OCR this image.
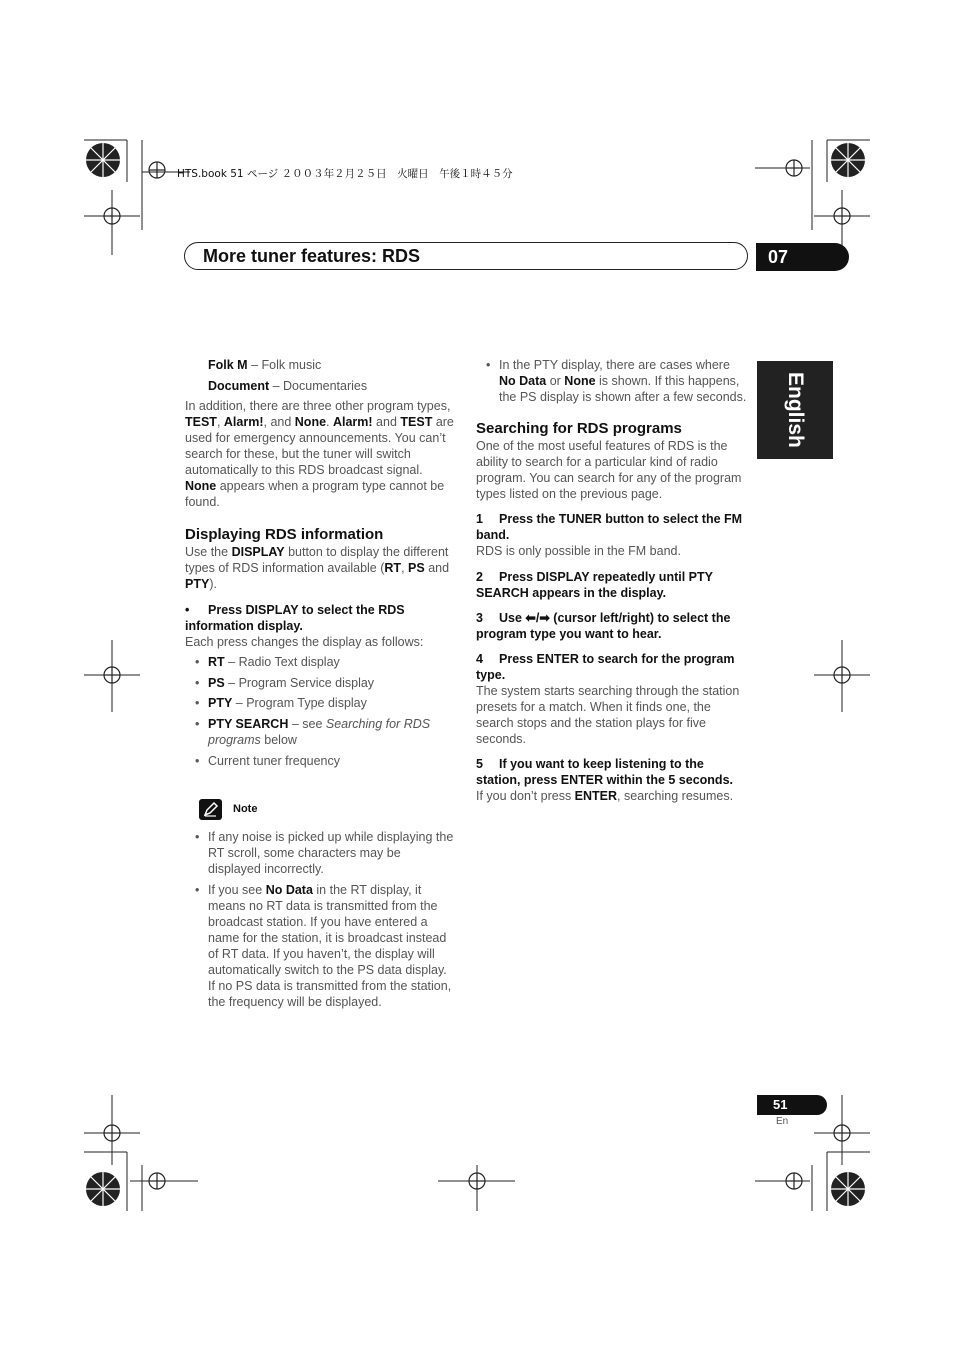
HTS.book 51 ページ ２００３年２月２５日　火曜日　午後１時４５分
More tuner features: RDS	07
English

Folk M – Folk music

Document – Documentaries

In addition, there are three other program types, TEST, Alarm!, and None. Alarm! and TEST are used for emergency announcements. You can’t search for these, but the tuner will switch automatically to this RDS broadcast signal. None appears when a program type cannot be found.

Displaying RDS information

Use the DISPLAY button to display the different types of RDS information available (RT, PS and PTY).

• Press DISPLAY to select the RDS information display.

Each press changes the display as follows:

• RT – Radio Text display

• PS – Program Service display

• PTY – Program Type display

• PTY SEARCH – see Searching for RDS programs below

• Current tuner frequency

Note

• If any noise is picked up while displaying the RT scroll, some characters may be displayed incorrectly.

• If you see No Data in the RT display, it means no RT data is transmitted from the broadcast station. If you have entered a name for the station, it is broadcast instead of RT data. If you haven’t, the display will automatically switch to the PS data display. If no PS data is transmitted from the station, the frequency will be displayed.

• In the PTY display, there are cases where No Data or None is shown. If this happens, the PS display is shown after a few seconds.

Searching for RDS programs

One of the most useful features of RDS is the ability to search for a particular kind of radio program. You can search for any of the program types listed on the previous page.

1 Press the TUNER button to select the FM band.

RDS is only possible in the FM band.

2 Press DISPLAY repeatedly until PTY SEARCH appears in the display.
3 Use ⬅/➡ (cursor left/right) to select the program type you want to hear.
4 Press ENTER to search for the program type.

The system starts searching through the station presets for a match. When it finds one, the search stops and the station plays for five seconds.

5 If you want to keep listening to the station, press ENTER within the 5 seconds.

If you don’t press ENTER, searching resumes.

51
En
